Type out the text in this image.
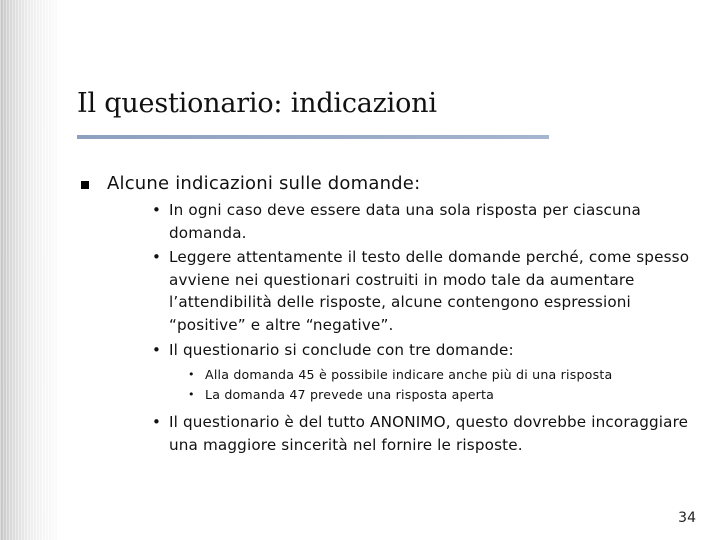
Il questionario: indicazioni
Alcune indicazioni sulle domande:
• In ogni caso deve essere data una sola risposta per ciascuna domanda.
• Leggere attentamente il testo delle domande perché, come spesso avviene nei questionari costruiti in modo tale da aumentare l’attendibilità delle risposte, alcune contengono espressioni “positive” e altre “negative”.
• Il questionario si conclude con tre domande:
• Alla domanda 45 è possibile indicare anche più di una risposta
• La domanda 47 prevede una risposta aperta
• Il questionario è del tutto ANONIMO, questo dovrebbe incoraggiare una maggiore sincerità nel fornire le risposte.
34
